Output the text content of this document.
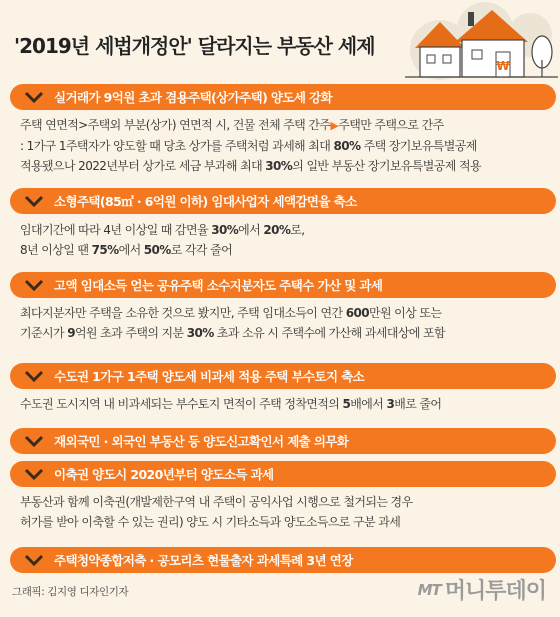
'2019년 세법개정안' 달라지는 부동산 세제
₩
실거래가 9억원 초과 겸용주택(상가주택) 양도세 강화
주택 연면적>주택외 부분(상가) 연면적 시, 건물 전체 주택 간주▶주택만 주택으로 간주
: 1가구 1주택자가 양도할 때 당초 상가를 주택처럼 과세해 최대 80% 주택 장기보유특별공제
적용됐으나 2022년부터 상가로 세금 부과해 최대 30%의 일반 부동산 장기보유특별공제 적용
소형주택(85㎡ · 6억원 이하) 임대사업자 세액감면율 축소
임대기간에 따라 4년 이상일 때 감면율 30%에서 20%로,
8년 이상일 땐 75%에서 50%로 각각 줄어
고액 임대소득 얻는 공유주택 소수지분자도 주택수 가산 및 과세
최다지분자만 주택을 소유한 것으로 봤지만, 주택 임대소득이 연간 600만원 이상 또는
기준시가 9억원 초과 주택의 지분 30% 초과 소유 시 주택수에 가산해 과세대상에 포함
수도권 1가구 1주택 양도세 비과세 적용 주택 부수토지 축소
수도권 도시지역 내 비과세되는 부수토지 면적이 주택 정착면적의 5배에서 3배로 줄어
재외국민 · 외국인 부동산 등 양도신고확인서 제출 의무화
이축권 양도시 2020년부터 양도소득 과세
부동산과 함께 이축권(개발제한구역 내 주택이 공익사업 시행으로 철거되는 경우
허가를 받아 이축할 수 있는 권리) 양도 시 기타소득과 양도소득으로 구분 과세
주택청약종합저축 · 공모리츠 현물출자 과세특례 3년 연장
그래픽: 김지영 디자인기자	MT 머니투데이
